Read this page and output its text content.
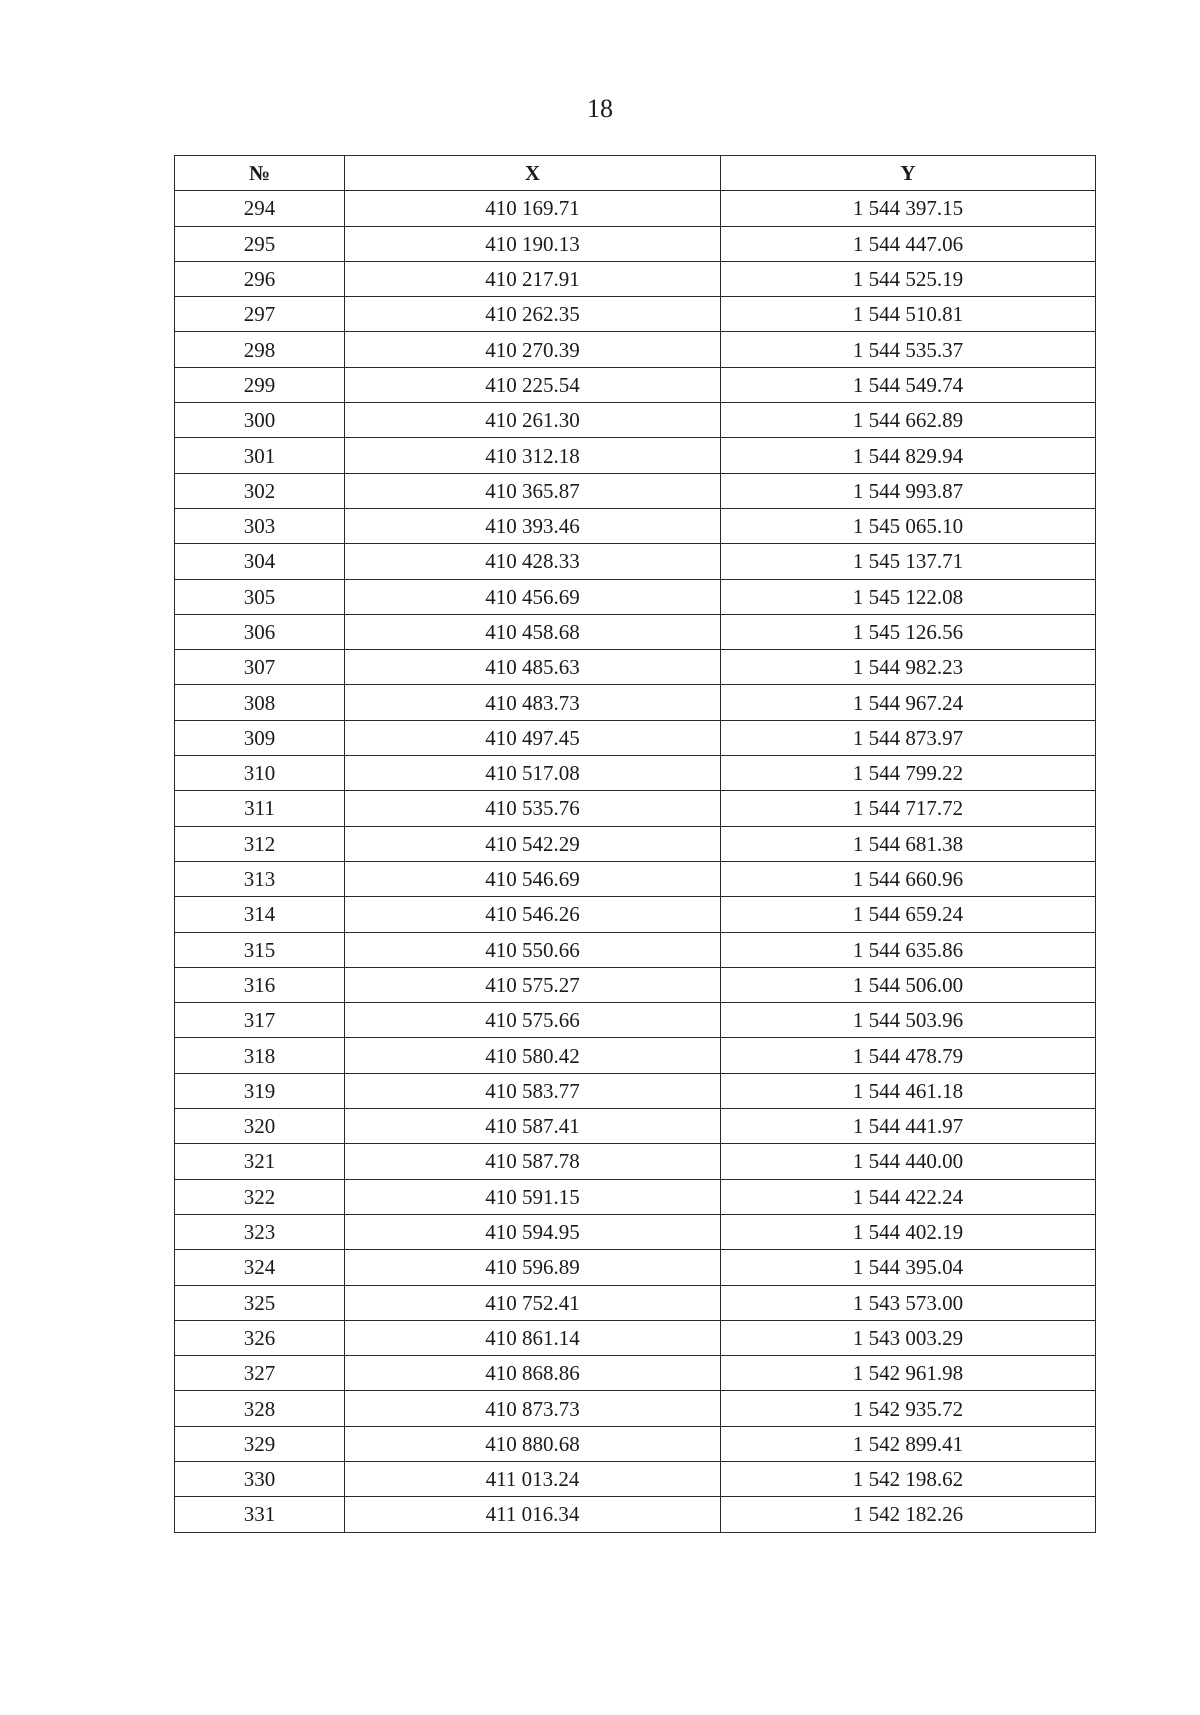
18
№	X	Y
294	410 169.71	1 544 397.15
295	410 190.13	1 544 447.06
296	410 217.91	1 544 525.19
297	410 262.35	1 544 510.81
298	410 270.39	1 544 535.37
299	410 225.54	1 544 549.74
300	410 261.30	1 544 662.89
301	410 312.18	1 544 829.94
302	410 365.87	1 544 993.87
303	410 393.46	1 545 065.10
304	410 428.33	1 545 137.71
305	410 456.69	1 545 122.08
306	410 458.68	1 545 126.56
307	410 485.63	1 544 982.23
308	410 483.73	1 544 967.24
309	410 497.45	1 544 873.97
310	410 517.08	1 544 799.22
311	410 535.76	1 544 717.72
312	410 542.29	1 544 681.38
313	410 546.69	1 544 660.96
314	410 546.26	1 544 659.24
315	410 550.66	1 544 635.86
316	410 575.27	1 544 506.00
317	410 575.66	1 544 503.96
318	410 580.42	1 544 478.79
319	410 583.77	1 544 461.18
320	410 587.41	1 544 441.97
321	410 587.78	1 544 440.00
322	410 591.15	1 544 422.24
323	410 594.95	1 544 402.19
324	410 596.89	1 544 395.04
325	410 752.41	1 543 573.00
326	410 861.14	1 543 003.29
327	410 868.86	1 542 961.98
328	410 873.73	1 542 935.72
329	410 880.68	1 542 899.41
330	411 013.24	1 542 198.62
331	411 016.34	1 542 182.26
